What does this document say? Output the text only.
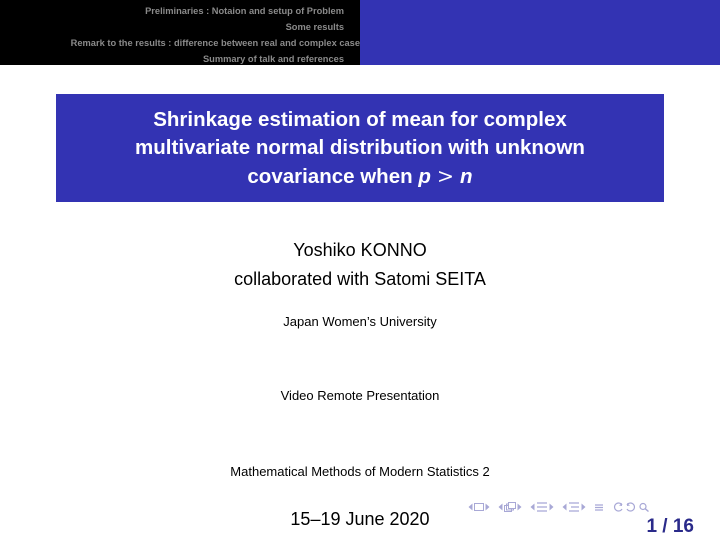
Preliminaries : Notaion and setup of Problem
Some results
Remark to the results : difference between real and complex case
Summary of talk and references
Shrinkage estimation of mean for complex
multivariate normal distribution with unknown
covariance when p > n
Yoshiko KONNO
collaborated with Satomi SEITA
Japan Women’s University
Video Remote Presentation
Mathematical Methods of Modern Statistics 2
15–19 June 2020	1 / 16
